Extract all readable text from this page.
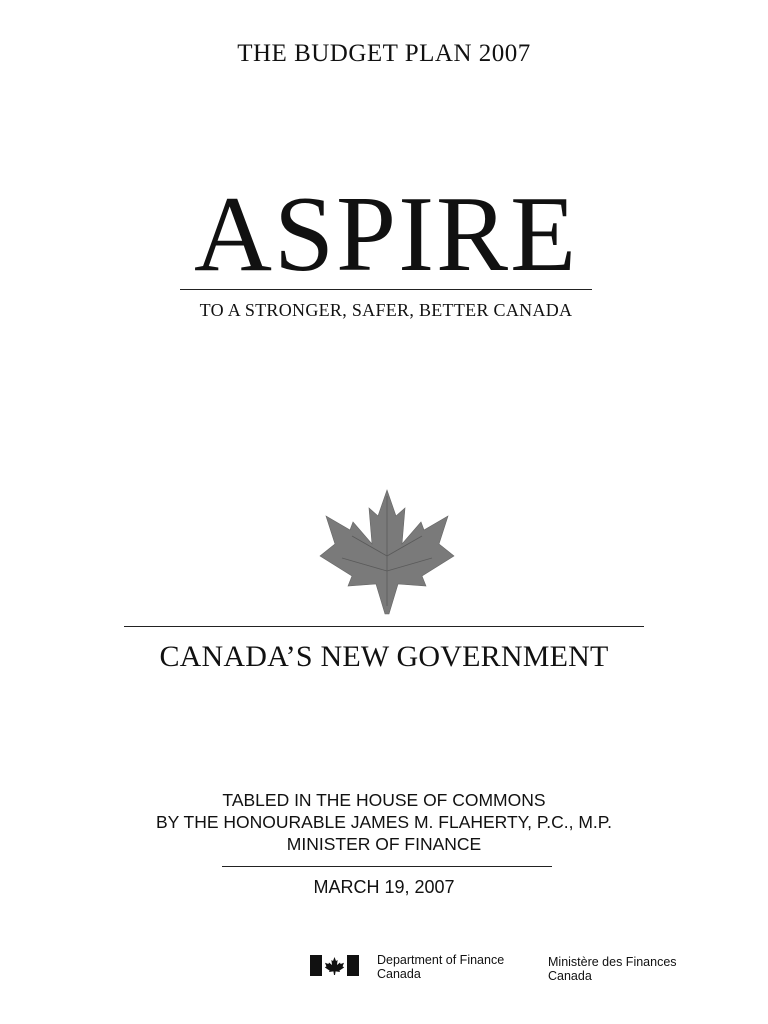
THE BUDGET PLAN 2007
ASPIRE
TO A STRONGER, SAFER, BETTER CANADA
CANADA’S NEW GOVERNMENT
TABLED IN THE HOUSE OF COMMONS
BY THE HONOURABLE JAMES M. FLAHERTY, P.C., M.P.
MINISTER OF FINANCE
MARCH 19, 2007
Department of Finance
Canada
Ministère des Finances
Canada
